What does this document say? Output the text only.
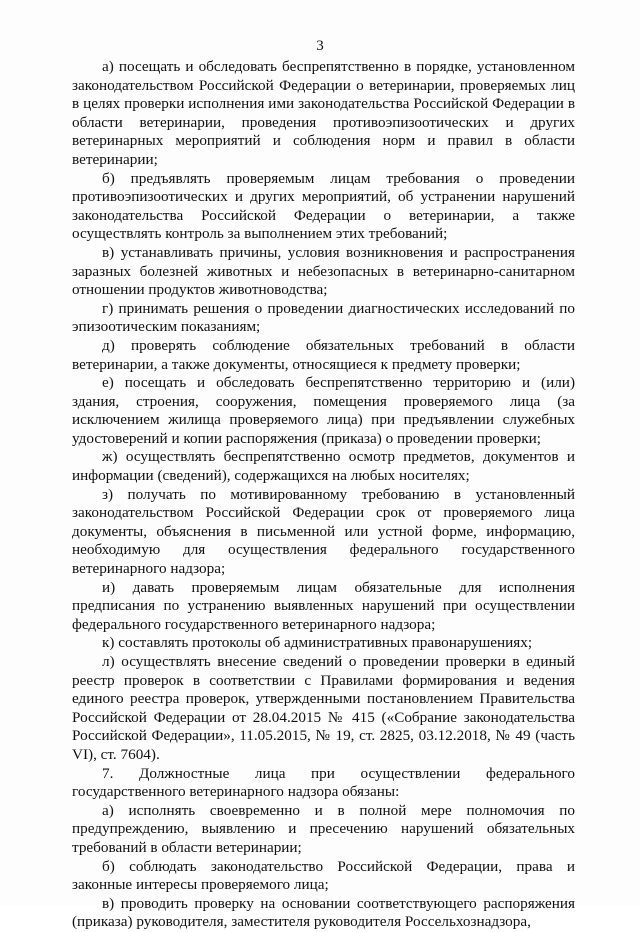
3

а) посещать и обследовать беспрепятственно в порядке, установленном законодательством Российской Федерации о ветеринарии, проверяемых лиц в целях проверки исполнения ими законодательства Российской Федерации в области ветеринарии, проведения противоэпизоотических и других ветеринарных мероприятий и соблюдения норм и правил в области ветеринарии;

б) предъявлять проверяемым лицам требования о проведении противоэпизоотических и других мероприятий, об устранении нарушений законодательства Российской Федерации о ветеринарии, а также осуществлять контроль за выполнением этих требований;

в) устанавливать причины, условия возникновения и распространения заразных болезней животных и небезопасных в ветеринарно-санитарном отношении продуктов животноводства;

г) принимать решения о проведении диагностических исследований по эпизоотическим показаниям;

д) проверять соблюдение обязательных требований в области ветеринарии, а также документы, относящиеся к предмету проверки;

е) посещать и обследовать беспрепятственно территорию и (или) здания, строения, сооружения, помещения проверяемого лица (за исключением жилища проверяемого лица) при предъявлении служебных удостоверений и копии распоряжения (приказа) о проведении проверки;

ж) осуществлять беспрепятственно осмотр предметов, документов и информации (сведений), содержащихся на любых носителях;

з) получать по мотивированному требованию в установленный законодательством Российской Федерации срок от проверяемого лица документы, объяснения в письменной или устной форме, информацию, необходимую для осуществления федерального государственного ветеринарного надзора;

и) давать проверяемым лицам обязательные для исполнения предписания по устранению выявленных нарушений при осуществлении федерального государственного ветеринарного надзора;

к) составлять протоколы об административных правонарушениях;

л) осуществлять внесение сведений о проведении проверки в единый реестр проверок в соответствии с Правилами формирования и ведения единого реестра проверок, утвержденными постановлением Правительства Российской Федерации от 28.04.2015 № 415 («Собрание законодательства Российской Федерации», 11.05.2015, № 19, ст. 2825, 03.12.2018, № 49 (часть VI), ст. 7604).

7. Должностные лица при осуществлении федерального государственного ветеринарного надзора обязаны:

а) исполнять своевременно и в полной мере полномочия по предупреждению, выявлению и пресечению нарушений обязательных требований в области ветеринарии;

б) соблюдать законодательство Российской Федерации, права и законные интересы проверяемого лица;

в) проводить проверку на основании соответствующего распоряжения (приказа) руководителя, заместителя руководителя Россельхознадзора,
